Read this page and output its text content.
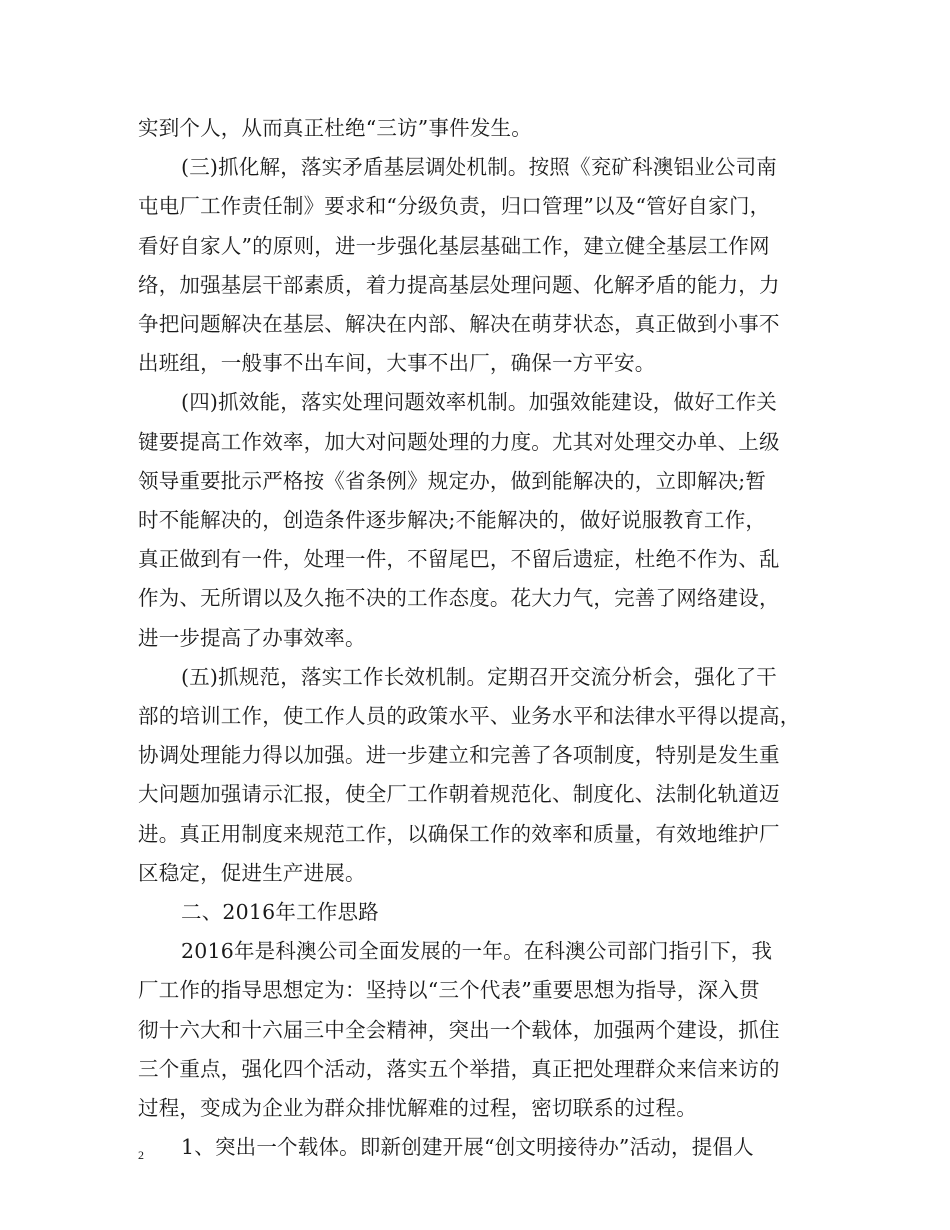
实到个人，从而真正杜绝“三访”事件发生。
(三)抓化解，落实矛盾基层调处机制。按照《兖矿科澳铝业公司南
屯电厂工作责任制》要求和“分级负责，归口管理”以及“管好自家门，
看好自家人”的原则，进一步强化基层基础工作，建立健全基层工作网
络，加强基层干部素质，着力提高基层处理问题、化解矛盾的能力，力
争把问题解决在基层、解决在内部、解决在萌芽状态，真正做到小事不
出班组，一般事不出车间，大事不出厂，确保一方平安。
(四)抓效能，落实处理问题效率机制。加强效能建设，做好工作关
键要提高工作效率，加大对问题处理的力度。尤其对处理交办单、上级
领导重要批示严格按《省条例》规定办，做到能解决的，立即解决;暂
时不能解决的，创造条件逐步解决;不能解决的，做好说服教育工作，
真正做到有一件，处理一件，不留尾巴，不留后遗症，杜绝不作为、乱
作为、无所谓以及久拖不决的工作态度。花大力气，完善了网络建设，
进一步提高了办事效率。
(五)抓规范，落实工作长效机制。定期召开交流分析会，强化了干
部的培训工作，使工作人员的政策水平、业务水平和法律水平得以提高，
协调处理能力得以加强。进一步建立和完善了各项制度，特别是发生重
大问题加强请示汇报，使全厂工作朝着规范化、制度化、法制化轨道迈
进。真正用制度来规范工作，以确保工作的效率和质量，有效地维护厂
区稳定，促进生产进展。
二、2016年工作思路
2016年是科澳公司全面发展的一年。在科澳公司部门指引下，我
厂工作的指导思想定为：坚持以“三个代表”重要思想为指导，深入贯
彻十六大和十六届三中全会精神，突出一个载体，加强两个建设，抓住
三个重点，强化四个活动，落实五个举措，真正把处理群众来信来访的
过程，变成为企业为群众排忧解难的过程，密切联系的过程。
1、突出一个载体。即新创建开展“创文明接待办”活动，提倡人
2
